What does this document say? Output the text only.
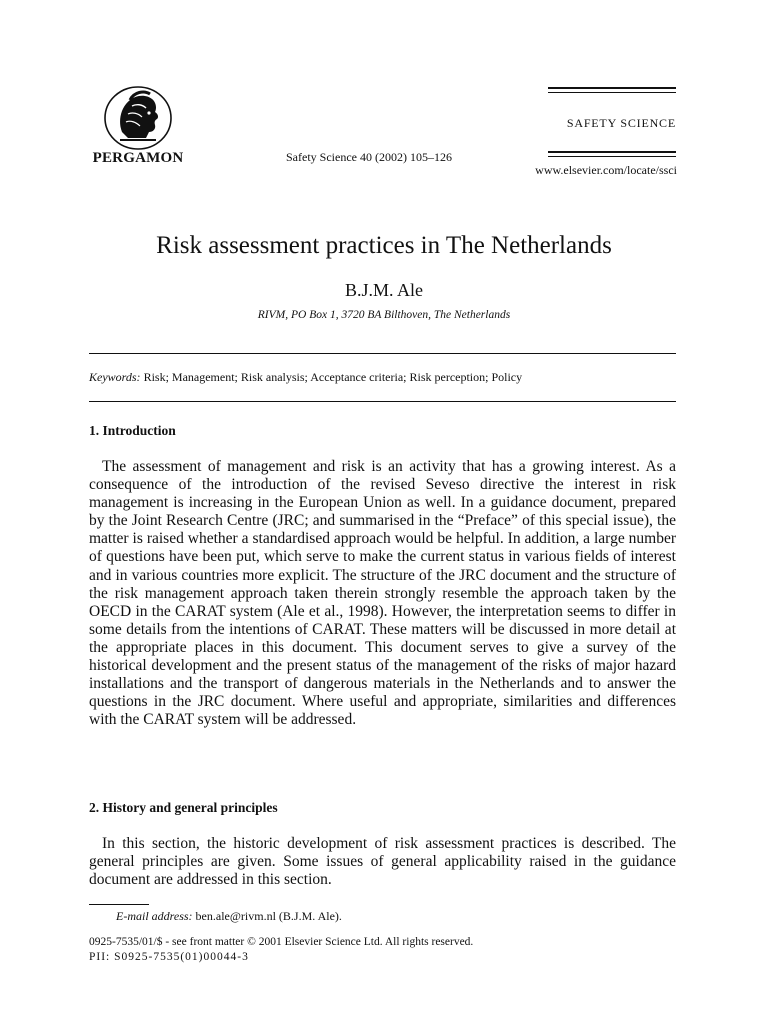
PERGAMON	Safety Science 40 (2002) 105–126
SAFETY SCIENCE
www.elsevier.com/locate/ssci
Risk assessment practices in The Netherlands
B.J.M. Ale
RIVM, PO Box 1, 3720 BA Bilthoven, The Netherlands
Keywords: Risk; Management; Risk analysis; Acceptance criteria; Risk perception; Policy
1. Introduction

The assessment of management and risk is an activity that has a growing interest. As a consequence of the introduction of the revised Seveso directive the interest in risk management is increasing in the European Union as well. In a guidance document, prepared by the Joint Research Centre (JRC; and summarised in the “Preface” of this special issue), the matter is raised whether a standardised approach would be helpful. In addition, a large number of questions have been put, which serve to make the current status in various fields of interest and in various countries more explicit. The structure of the JRC document and the structure of the risk management approach taken therein strongly resemble the approach taken by the OECD in the CARAT system (Ale et al., 1998). However, the interpretation seems to differ in some details from the intentions of CARAT. These matters will be discussed in more detail at the appropriate places in this document. This document serves to give a survey of the historical development and the present status of the management of the risks of major hazard installations and the transport of dangerous materials in the Netherlands and to answer the questions in the JRC document. Where useful and appropriate, similarities and differences with the CARAT system will be addressed.

2. History and general principles

In this section, the historic development of risk assessment practices is described. The general principles are given. Some issues of general applicability raised in the guidance document are addressed in this section.

E-mail address: ben.ale@rivm.nl (B.J.M. Ale).
0925-7535/01/$ - see front matter © 2001 Elsevier Science Ltd. All rights reserved.
PII: S0925-7535(01)00044-3
